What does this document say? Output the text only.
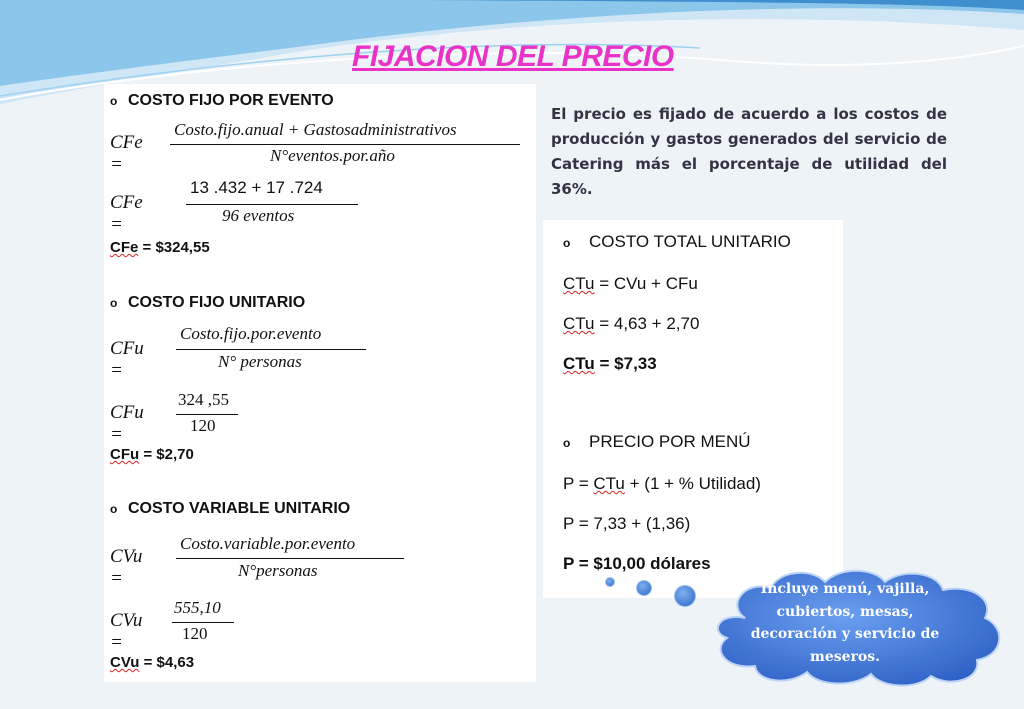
FIJACION DEL PRECIO
o COSTO FIJO POR EVENTO
CFe =
Costo.fijo.anual + Gastosadministrativos
N°eventos.por.año
CFe =
13 .432 + 17 .724
96 eventos
CFe = $324,55
o COSTO FIJO UNITARIO
CFu =
Costo.fijo.por.evento
N° personas
CFu =
324 ,55
120
CFu = $2,70
o COSTO VARIABLE UNITARIO
CVu =
Costo.variable.por.evento
N°personas
CVu =
555,10
120
CVu = $4,63
El precio es fijado de acuerdo a los costos de producción y gastos generados del servicio de Catering más el porcentaje de utilidad del 36%.
o COSTO TOTAL UNITARIO
CTu = CVu + CFu
CTu = 4,63 + 2,70
CTu = $7,33
o PRECIO POR MENÚ
P = CTu + (1 + % Utilidad)
P = 7,33 + (1,36)
P = $10,00 dólares
Incluye menú, vajilla, cubiertos, mesas, decoración y servicio de meseros.
